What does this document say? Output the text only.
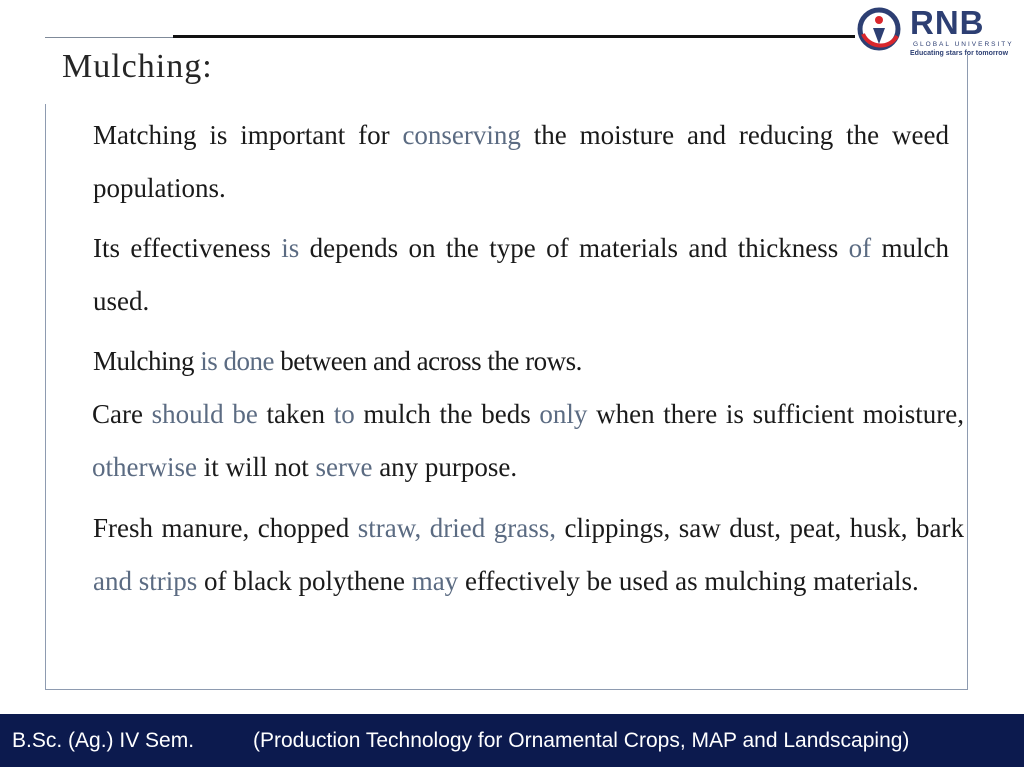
RNB
GLOBAL UNIVERSITY
Educating stars for tomorrow
Mulching:
Matching is important for conserving the moisture and reducing the weed populations.
Its effectiveness is depends on the type of materials and thickness of mulch used.
Mulching is done between and across the rows.
Care should be taken to mulch the beds only when there is sufficient moisture, otherwise it will not serve any purpose.
Fresh manure, chopped straw, dried grass, clippings, saw dust, peat, husk, bark and strips of black polythene may effectively be used as mulching materials.
B.Sc. (Ag.) IV Sem.	(Production Technology for Ornamental Crops, MAP and Landscaping)
